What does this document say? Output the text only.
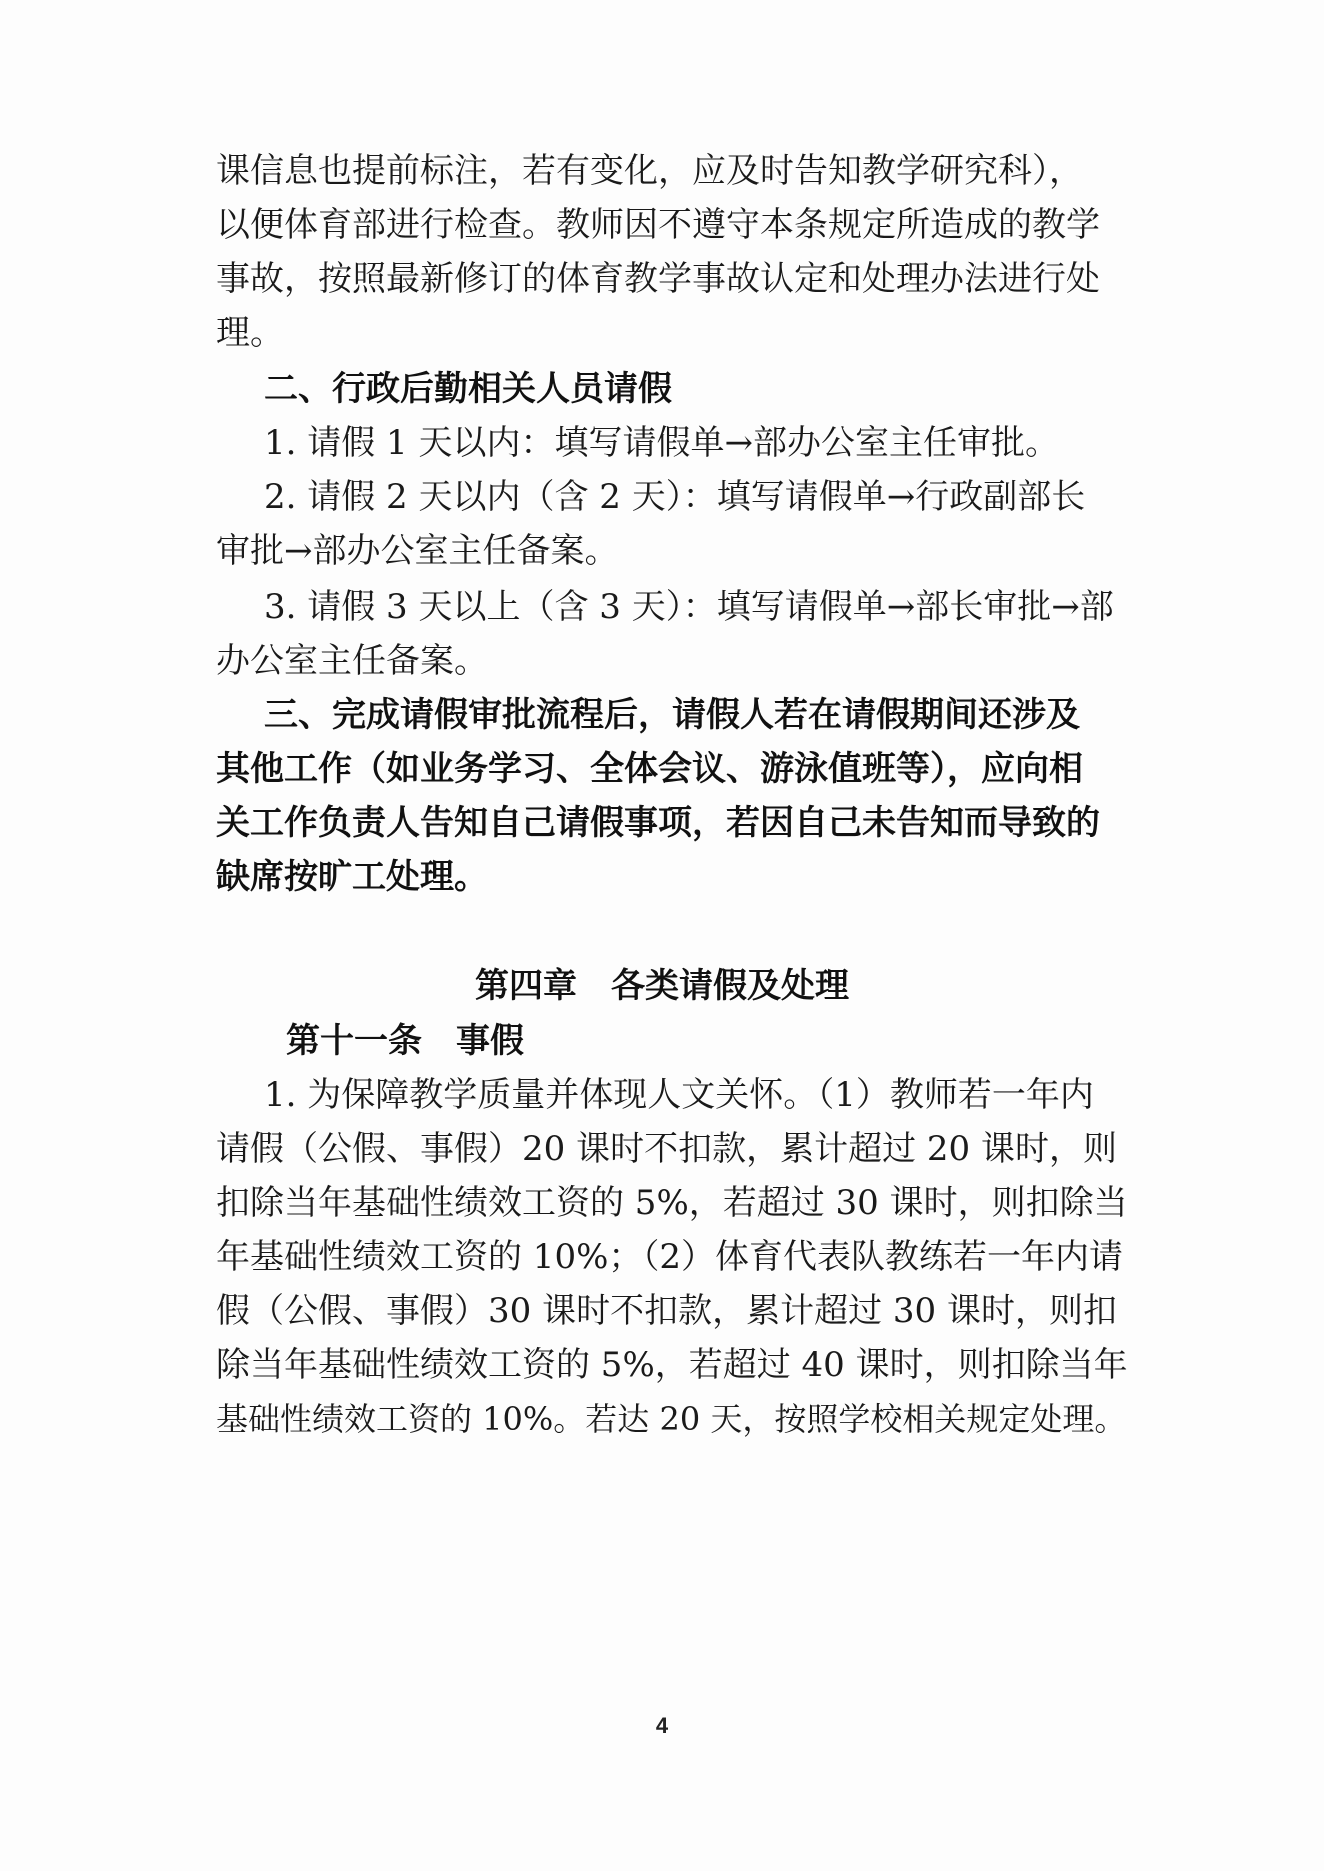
课信息也提前标注，若有变化，应及时告知教学研究科），

以便体育部进行检查。教师因不遵守本条规定所造成的教学

事故，按照最新修订的体育教学事故认定和处理办法进行处

理。

二、行政后勤相关人员请假

1. 请假 1 天以内：填写请假单→部办公室主任审批。

2. 请假 2 天以内（含 2 天）：填写请假单→行政副部长

审批→部办公室主任备案。

3. 请假 3 天以上（含 3 天）：填写请假单→部长审批→部

办公室主任备案。

三、完成请假审批流程后，请假人若在请假期间还涉及

其他工作（如业务学习、全体会议、游泳值班等），应向相

关工作负责人告知自己请假事项，若因自己未告知而导致的

缺席按旷工处理。

第四章　各类请假及处理

第十一条　事假

1. 为保障教学质量并体现人文关怀。（1）教师若一年内

请假（公假、事假）20 课时不扣款，累计超过 20 课时，则

扣除当年基础性绩效工资的 5%，若超过 30 课时，则扣除当

年基础性绩效工资的 10%；（2）体育代表队教练若一年内请

假（公假、事假）30 课时不扣款，累计超过 30 课时，则扣

除当年基础性绩效工资的 5%，若超过 40 课时，则扣除当年

基础性绩效工资的 10%。若达 20 天，按照学校相关规定处理。

4
